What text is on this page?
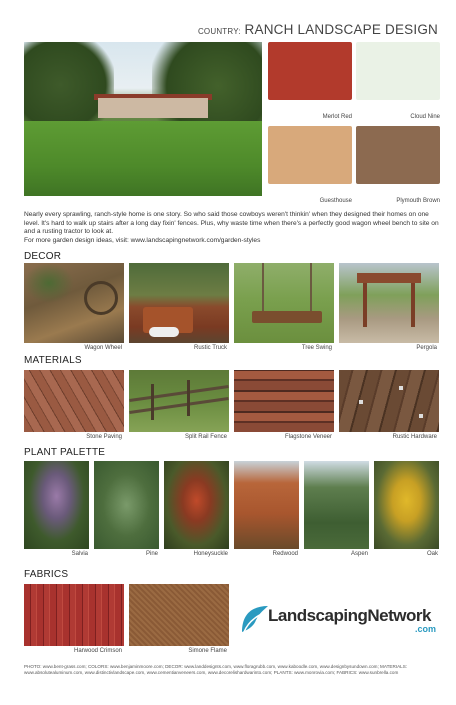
COUNTRY: RANCH LANDSCAPE DESIGN
Merlot Red	Cloud Nine
Guesthouse	Plymouth Brown

Nearly every sprawling, ranch-style home is one story. So who said those cowboys weren't thinkin' when they designed their homes on one level. It's hard to walk up stairs after a long day fixin' fences. Plus, why waste time when there's a perfectly good wagon wheel bench to site on and a rusting tractor to look at.

For more garden design ideas, visit: www.landscapingnetwork.com/garden-styles

DECOR
Wagon Wheel	Rustic Truck	Tree Swing	Pergola
MATERIALS
Stone Paving	Split Rail Fence	Flagstone Veneer	Rustic Hardware
PLANT PALETTE
Salvia	Pine	Honeysuckle	Redwood	Aspen	Oak
FABRICS
Harwood Crimson	Simone Flame
LandscapingNetwork
.com
PHOTO: www.bent-grass.com; COLORS: www.benjaminmoore.com; DECOR: www.landdesignts.com, www.floragrubb.com, www.kaboodle.com, www.designbysundown.com; MATERIALS: www.absolutealuminum.com, www.distinctivlandscape.com, www.cementianveneers.com, www.decorelishardwarinto.com; PLANTS: www.monrovia.com; FABRICS: www.sunbrella.com
